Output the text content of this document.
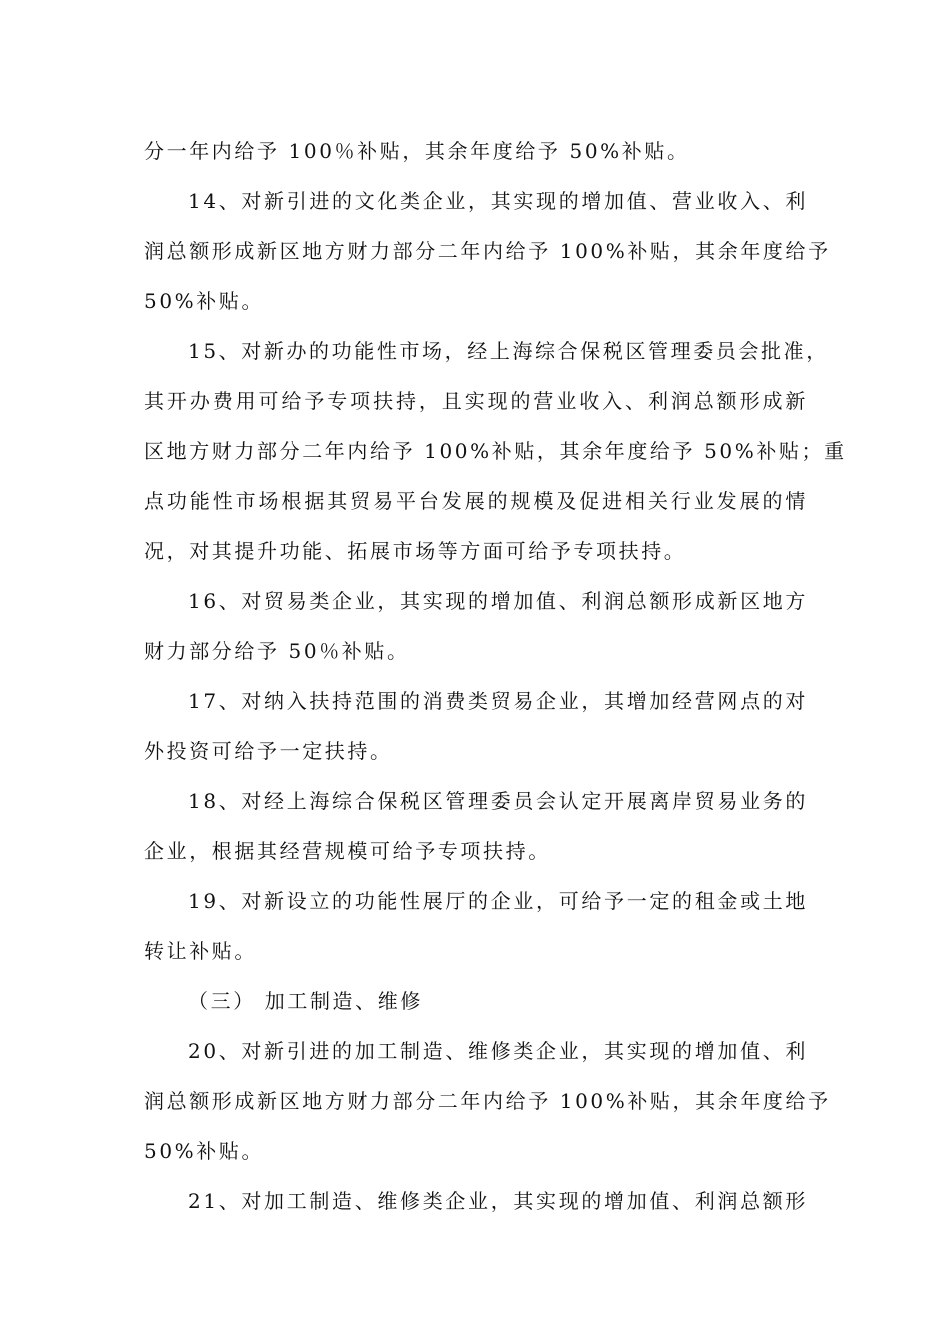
分一年内给予 100％补贴，其余年度给予 50%补贴。
14、对新引进的文化类企业，其实现的增加值、营业收入、利
润总额形成新区地方财力部分二年内给予 100%补贴，其余年度给予
50%补贴。
15、对新办的功能性市场，经上海综合保税区管理委员会批准，
其开办费用可给予专项扶持，且实现的营业收入、利润总额形成新
区地方财力部分二年内给予 100%补贴，其余年度给予 50%补贴；重
点功能性市场根据其贸易平台发展的规模及促进相关行业发展的情
况，对其提升功能、拓展市场等方面可给予专项扶持。
16、对贸易类企业，其实现的增加值、利润总额形成新区地方
财力部分给予 50％补贴。
17、对纳入扶持范围的消费类贸易企业，其增加经营网点的对
外投资可给予一定扶持。
18、对经上海综合保税区管理委员会认定开展离岸贸易业务的
企业，根据其经营规模可给予专项扶持。
19、对新设立的功能性展厅的企业，可给予一定的租金或土地
转让补贴。
（三） 加工制造、维修
20、对新引进的加工制造、维修类企业，其实现的增加值、利
润总额形成新区地方财力部分二年内给予 100%补贴，其余年度给予
50%补贴。
21、对加工制造、维修类企业，其实现的增加值、利润总额形
